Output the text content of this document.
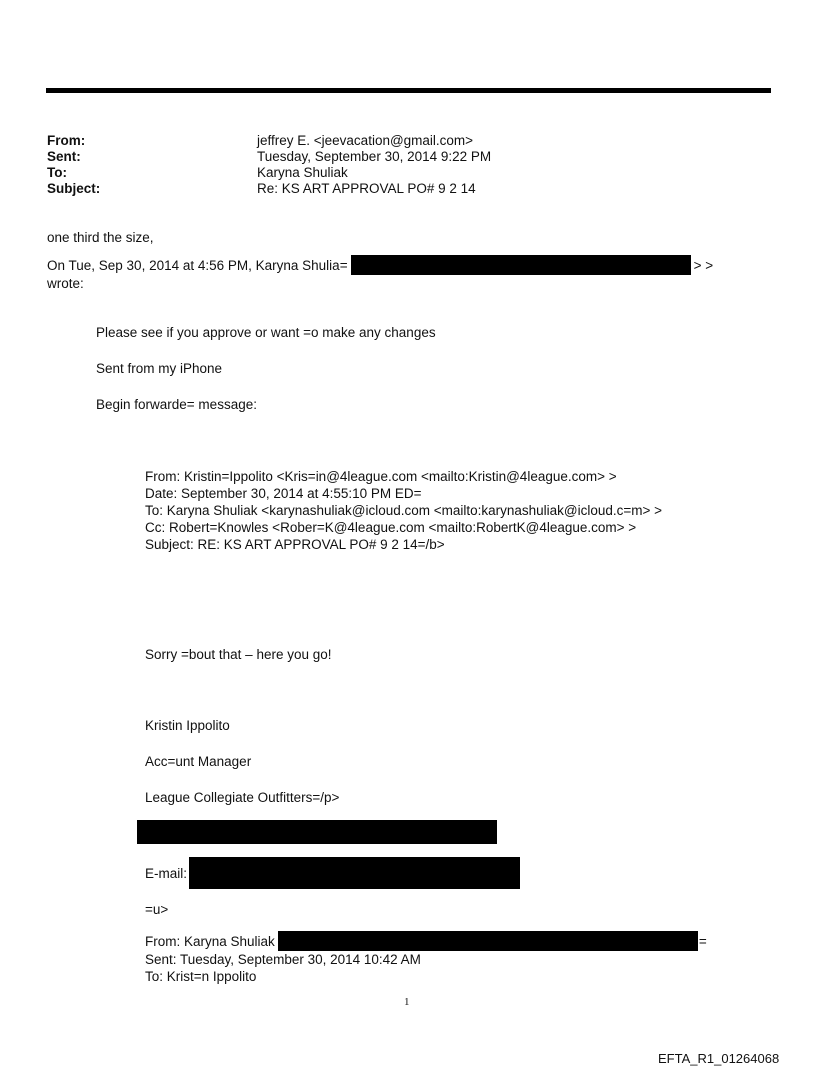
From:	jeffrey E. <jeevacation@gmail.com>
Sent:	Tuesday, September 30, 2014 9:22 PM
To:	Karyna Shuliak
Subject:	Re: KS ART APPROVAL PO# 9 2 14
one third the size,
On Tue, Sep 30, 2014 at 4:56 PM, Karyna Shulia=	> >
wrote:
Please see if you approve or want =o make any changes
Sent from my iPhone
Begin forwarde= message:
From: Kristin=Ippolito <Kris=in@4league.com <mailto:Kristin@4league.com> >
Date: September 30, 2014 at 4:55:10 PM ED=
To: Karyna Shuliak <karynashuliak@icloud.com <mailto:karynashuliak@icloud.c=m> >
Cc: Robert=Knowles <Rober=K@4league.com <mailto:RobertK@4league.com> >
Subject: RE: KS ART APPROVAL PO# 9 2 14=/b>
Sorry =bout that – here you go!
Kristin Ippolito
Acc=unt Manager
League Collegiate Outfitters=/p>
E-mail:
=u>
From: Karyna Shuliak	=
Sent: Tuesday, September 30, 2014 10:42 AM
To: Krist=n Ippolito
1
EFTA_R1_01264068
